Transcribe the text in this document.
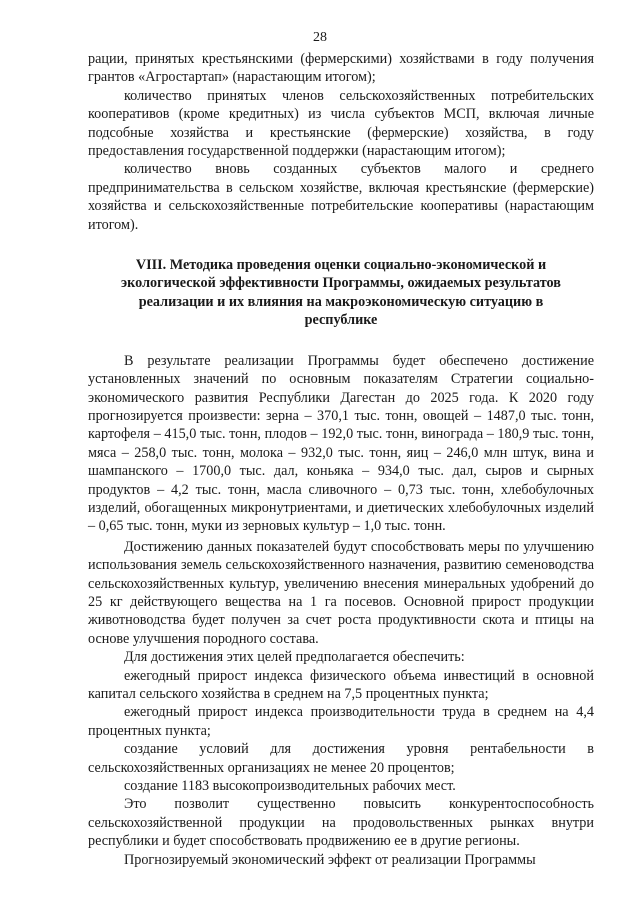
28

рации, принятых крестьянскими (фермерскими) хозяйствами в году получения грантов «Агростартап» (нарастающим итогом);

количество принятых членов сельскохозяйственных потребительских кооперативов (кроме кредитных) из числа субъектов МСП, включая личные подсобные хозяйства и крестьянские (фермерские) хозяйства, в году предоставления государственной поддержки (нарастающим итогом);

количество вновь созданных субъектов малого и среднего предпринимательства в сельском хозяйстве, включая крестьянские (фермерские) хозяйства и сельскохозяйственные потребительские кооперативы (нарастающим итогом).

VIII. Методика проведения оценки социально-экономической и экологической эффективности Программы, ожидаемых результатов реализации и их влияния на макроэкономическую ситуацию в республике

В результате реализации Программы будет обеспечено достижение установленных значений по основным показателям Стратегии социально-экономического развития Республики Дагестан до 2025 года. К 2020 году прогнозируется произвести: зерна – 370,1 тыс. тонн, овощей – 1487,0 тыс. тонн, картофеля – 415,0 тыс. тонн, плодов – 192,0 тыс. тонн, винограда – 180,9 тыс. тонн, мяса – 258,0 тыс. тонн, молока – 932,0 тыс. тонн, яиц – 246,0 млн штук, вина и шампанского – 1700,0 тыс. дал, коньяка – 934,0 тыс. дал, сыров и сырных продуктов – 4,2 тыс. тонн, масла сливочного – 0,73 тыс. тонн, хлебобулочных изделий, обогащенных микронутриентами, и диетических хлебобулочных изделий – 0,65 тыс. тонн, муки из зерновых культур – 1,0 тыс. тонн.

Достижению данных показателей будут способствовать меры по улучшению использования земель сельскохозяйственного назначения, развитию семеноводства сельскохозяйственных культур, увеличению внесения минеральных удобрений до 25 кг действующего вещества на 1 га посевов. Основной прирост продукции животноводства будет получен за счет роста продуктивности скота и птицы на основе улучшения породного состава.

Для достижения этих целей предполагается обеспечить:

ежегодный прирост индекса физического объема инвестиций в основной капитал сельского хозяйства в среднем на 7,5 процентных пункта;

ежегодный прирост индекса производительности труда в среднем на 4,4 процентных пункта;

создание условий для достижения уровня рентабельности в сельскохозяйственных организациях не менее 20 процентов;

создание 1183 высокопроизводительных рабочих мест.

Это позволит существенно повысить конкурентоспособность сельскохозяйственной продукции на продовольственных рынках внутри республики и будет способствовать продвижению ее в другие регионы.

Прогнозируемый экономический эффект от реализации Программы
